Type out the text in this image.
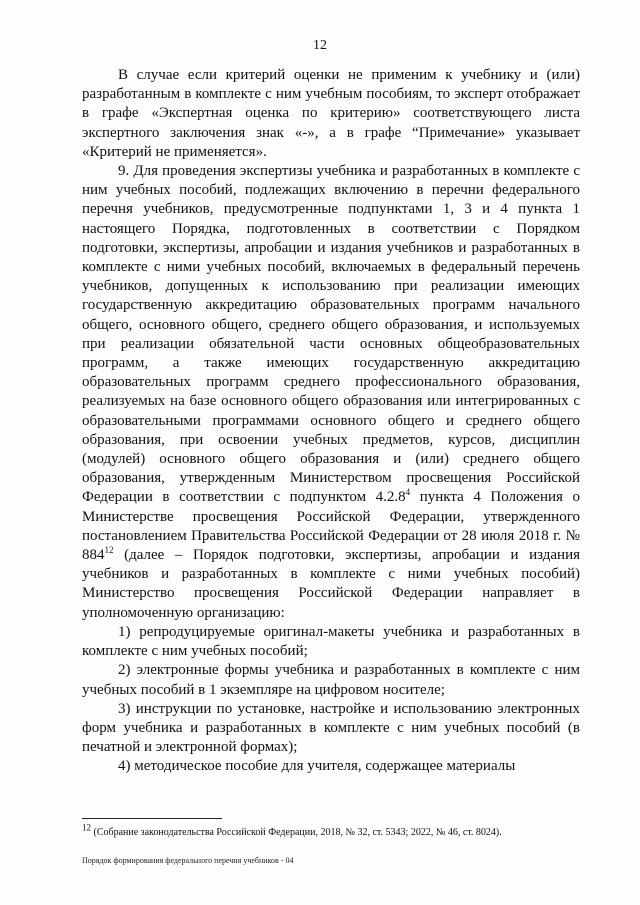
12

В случае если критерий оценки не применим к учебнику и (или) разработанным в комплекте с ним учебным пособиям, то эксперт отображает в графе «Экспертная оценка по критерию» соответствующего листа экспертного заключения знак «-», а в графе “Примечание» указывает «Критерий не применяется».

9. Для проведения экспертизы учебника и разработанных в комплекте с ним учебных пособий, подлежащих включению в перечни федерального перечня учебников, предусмотренные подпунктами 1, 3 и 4 пункта 1 настоящего Порядка, подготовленных в соответствии с Порядком подготовки, экспертизы, апробации и издания учебников и разработанных в комплекте с ними учебных пособий, включаемых в федеральный перечень учебников, допущенных к использованию при реализации имеющих государственную аккредитацию образовательных программ начального общего, основного общего, среднего общего образования, и используемых при реализации обязательной части основных общеобразовательных программ, а также имеющих государственную аккредитацию образовательных программ среднего профессионального образования, реализуемых на базе основного общего образования или интегрированных с образовательными программами основного общего и среднего общего образования, при освоении учебных предметов, курсов, дисциплин (модулей) основного общего образования и (или) среднего общего образования, утвержденным Министерством просвещения Российской Федерации в соответствии с подпунктом 4.2.8$^4$ пункта 4 Положения о Министерстве просвещения Российской Федерации, утвержденного постановлением Правительства Российской Федерации от 28 июля 2018 г. № $884^{12}$ (далее – Порядок подготовки, экспертизы, апробации и издания учебников и разработанных в комплекте с ними учебных пособий) Министерство просвещения Российской Федерации направляет в уполномоченную организацию:

1) репродуцируемые оригинал-макеты учебника и разработанных в комплекте с ним учебных пособий;

2) электронные формы учебника и разработанных в комплекте с ним учебных пособий в 1 экземпляре на цифровом носителе;

3) инструкции по установке, настройке и использованию электронных форм учебника и разработанных в комплекте с ним учебных пособий (в печатной и электронной формах);

4) методическое пособие для учителя, содержащее материалы

$^{12}$ (Собрание законодательства Российской Федерации, 2018, № 32, ст. 5343; 2022, № 46, ст. 8024).
Порядок формирования федерального перечня учебников - 04
